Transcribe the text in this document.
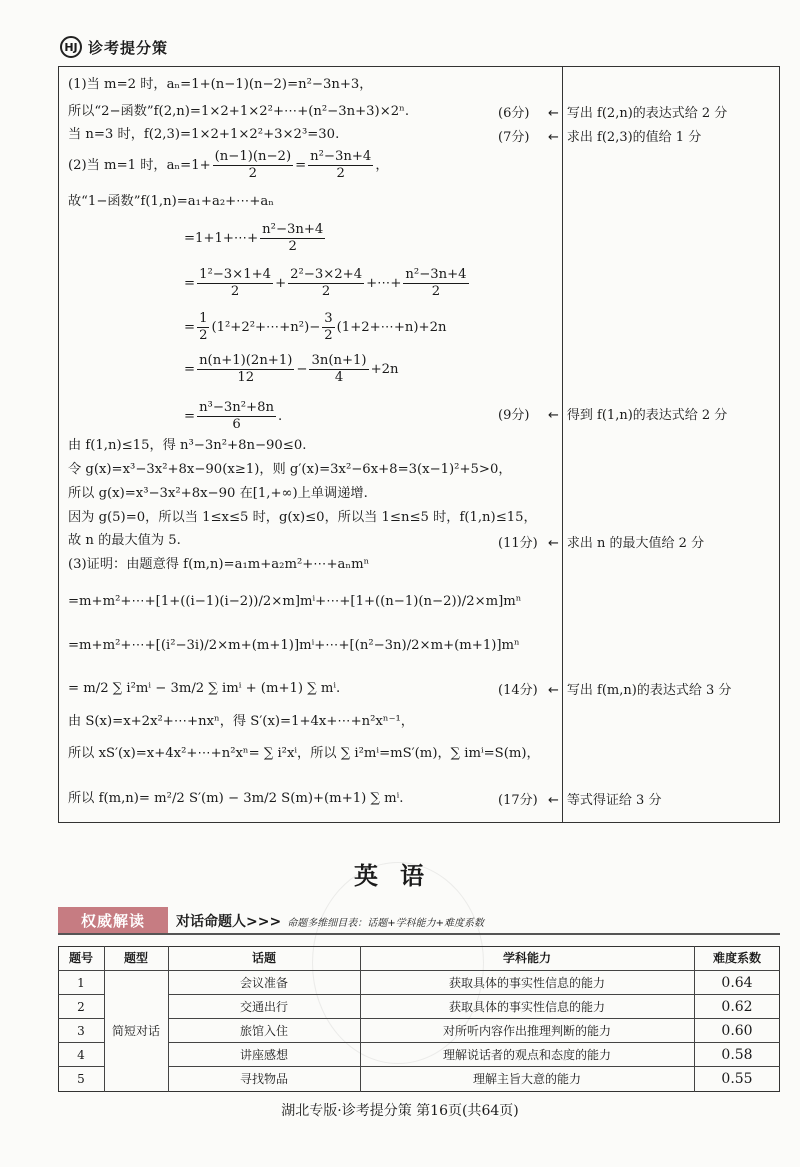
HJ 诊考提分策
(1)当 m=2 时，aₙ=1+(n−1)(n−2)=n²−3n+3，
所以“2−函数”f(2,n)=1×2+1×2²+⋯+(n²−3n+3)×2ⁿ.
当 n=3 时，f(2,3)=1×2+1×2²+3×2³=30.
(2)当 m=1 时，$a_n=1+ \frac{(n-1)(n-2)}{2} = \frac{\text{n²−3n+4}}{2}$ ，
故“1−函数”f(1,n)=a₁+a₂+⋯+aₙ
=1+1+⋯+ $\frac{\text{n²−3n+4}}{2}$
= $\frac{\text{1²−3×1+4}}{2} + \frac{\text{2²−3×2+4}}{2}$ +⋯+ $\frac{\text{n²−3n+4}}{2}$
= $\frac{1}{2}$ (1²+2²+⋯+n²)− $\frac{3}{2}$ (1+2+⋯+n)+2n
= $\frac{n(n+1)(2n+1)}{12} - \frac{3n(n+1)}{4} +2n$
= $\frac{\text{n³−3n²+8n}}{6}$ .
由 f(1,n)≤15，得 n³−3n²+8n−90≤0.
令 g(x)=x³−3x²+8x−90(x≥1)，则 g′(x)=3x²−6x+8=3(x−1)²+5>0，
所以 g(x)=x³−3x²+8x−90 在[1,+∞)上单调递增.
因为 g(5)=0，所以当 1≤x≤5 时，g(x)≤0，所以当 1≤n≤5 时，f(1,n)≤15，
故 n 的最大值为 5.
(3)证明：由题意得 f(m,n)=a₁m+a₂m²+⋯+aₙmⁿ
=m+m²+⋯+[1+((i−1)(i−2))/2×m]mⁱ+⋯+[1+((n−1)(n−2))/2×m]mⁿ
=m+m²+⋯+[(i²−3i)/2×m+(m+1)]mⁱ+⋯+[(n²−3n)/2×m+(m+1)]mⁿ
= m/2 ∑ i²mⁱ − 3m/2 ∑ imⁱ + (m+1) ∑ mⁱ.
由 S(x)=x+2x²+⋯+nxⁿ，得 S′(x)=1+4x+⋯+n²xⁿ⁻¹，
所以 xS′(x)=x+4x²+⋯+n²xⁿ= ∑ i²xⁱ，所以 ∑ i²mⁱ=mS′(m)，∑ imⁱ=S(m)，
所以 f(m,n)= m²/2 S′(m) − 3m/2 S(m)+(m+1) ∑ mⁱ.
(6分) ← 写出 f(2,n)的表达式给 2 分
(7分) ← 求出 f(2,3)的值给 1 分
(9分) ← 得到 f(1,n)的表达式给 2 分
(11分) ← 求出 n 的最大值给 2 分
(14分) ← 写出 f(m,n)的表达式给 3 分
(17分) ← 等式得证给 3 分
英语
权威解读	对话命题人>>> 命题多维细目表：话题+学科能力+难度系数
题号	题型	话题	学科能力	难度系数
简短对话
1	会议准备	获取具体的事实性信息的能力	0.64
2	交通出行	获取具体的事实性信息的能力	0.62
3	旅馆入住	对所听内容作出推理判断的能力	0.60
4	讲座感想	理解说话者的观点和态度的能力	0.58
5	寻找物品	理解主旨大意的能力	0.55
湖北专版·诊考提分策 第16页(共64页)
